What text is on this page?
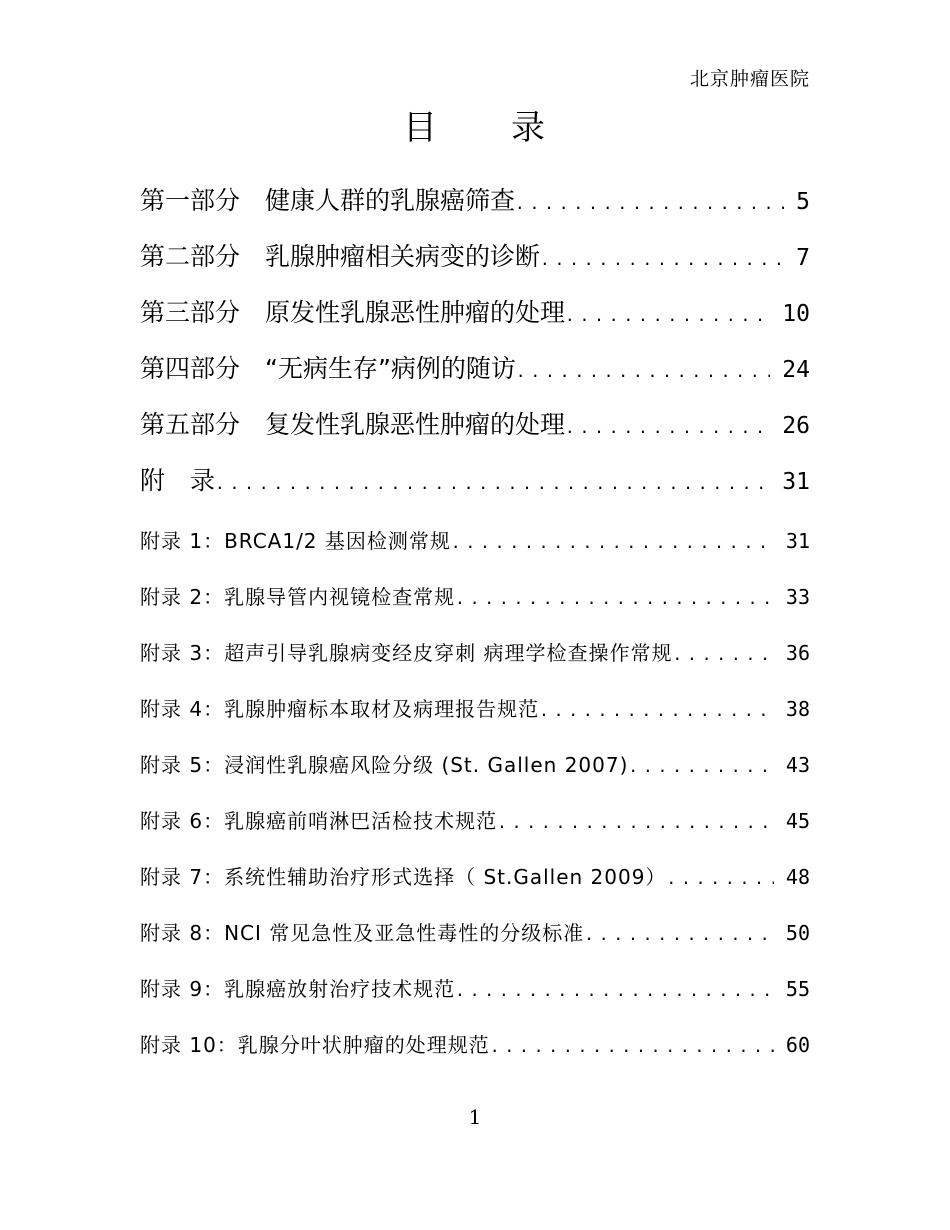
北京肿瘤医院
目　　录
第一部分　健康人群的乳腺癌筛查 .....	5
第二部分　乳腺肿瘤相关病变的诊断 .....	7
第三部分　原发性乳腺恶性肿瘤的处理 .....	10
第四部分　“无病生存”病例的随访 .....	24
第五部分　复发性乳腺恶性肿瘤的处理 .....	26
附　录 .....	31
附录 1：BRCA1/2 基因检测常规 .....	31
附录 2：乳腺导管内视镜检查常规 .....	33
附录 3：超声引导乳腺病变经皮穿刺 病理学检查操作常规 .....	36
附录 4：乳腺肿瘤标本取材及病理报告规范 .....	38
附录 5：浸润性乳腺癌风险分级 (St. Gallen 2007) .....	43
附录 6：乳腺癌前哨淋巴活检技术规范 .....	45
附录 7：系统性辅助治疗形式选择（ St.Gallen 2009） .....	48
附录 8：NCI 常见急性及亚急性毒性的分级标准 .....	50
附录 9：乳腺癌放射治疗技术规范 .....	55
附录 10：乳腺分叶状肿瘤的处理规范 .....	60
1
